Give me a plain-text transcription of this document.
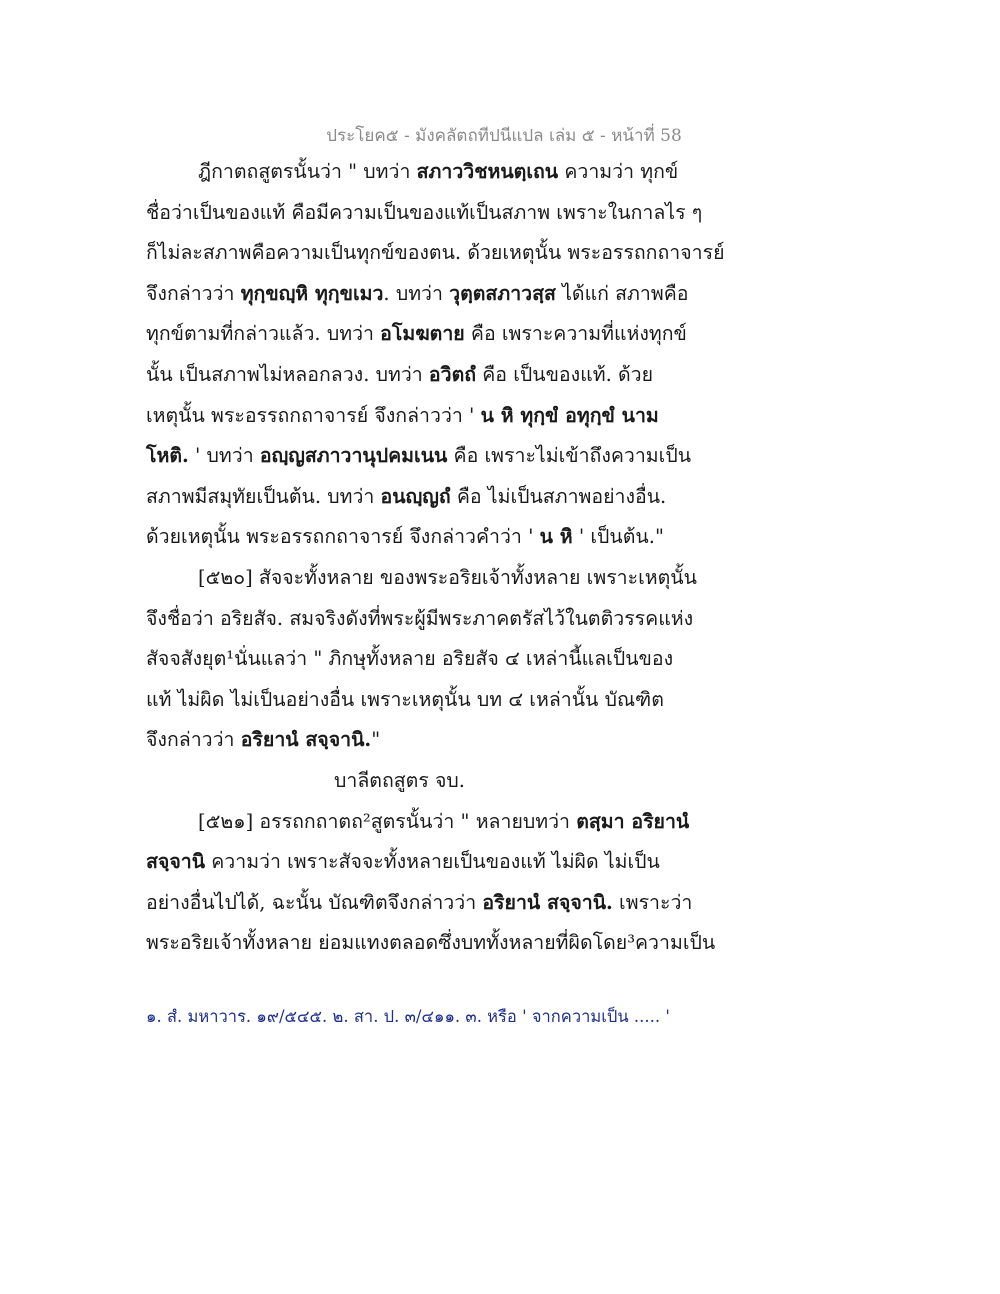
ประโยค๕ - มังคลัตถทีปนีแปล เล่ม ๕ - หน้าที่ 58
ฎีกาตถสูตรนั้นว่า " บทว่า สภาววิชหนตฺเถน ความว่า ทุกข์
ชื่อว่าเป็นของแท้ คือมีความเป็นของแท้เป็นสภาพ เพราะในกาลไร ๆ
ก็ไม่ละสภาพคือความเป็นทุกข์ของตน. ด้วยเหตุนั้น พระอรรถกถาจารย์
จึงกล่าวว่า ทุกฺขญฺหิ ทุกฺขเมว. บทว่า วุตฺตสภาวสฺส ได้แก่ สภาพคือ
ทุกข์ตามที่กล่าวแล้ว. บทว่า อโมฆตาย คือ เพราะความที่แห่งทุกข์
นั้น เป็นสภาพไม่หลอกลวง. บทว่า อวิตถํ คือ เป็นของแท้. ด้วย
เหตุนั้น พระอรรถกถาจารย์ จึงกล่าวว่า ' น หิ ทุกฺขํ อทุกฺขํ นาม
โหติ. ' บทว่า อญฺญสภาวานุปคมเนน คือ เพราะไม่เข้าถึงความเป็น
สภาพมีสมุทัยเป็นต้น. บทว่า อนญฺญถํ คือ ไม่เป็นสภาพอย่างอื่น.
ด้วยเหตุนั้น พระอรรถกถาจารย์ จึงกล่าวคำว่า ' น หิ ' เป็นต้น."
[๕๒๐] สัจจะทั้งหลาย ของพระอริยเจ้าทั้งหลาย เพราะเหตุนั้น
จึงชื่อว่า อริยสัจ. สมจริงดังที่พระผู้มีพระภาคตรัสไว้ในตติวรรคแห่ง
สัจจสังยุต¹นั่นแลว่า " ภิกษุทั้งหลาย อริยสัจ ๔ เหล่านี้แลเป็นของ
แท้ ไม่ผิด ไม่เป็นอย่างอื่น เพราะเหตุนั้น บท ๔ เหล่านั้น บัณฑิต
จึงกล่าวว่า อริยานํ สจฺจานิ."
บาลีตถสูตร จบ.
[๕๒๑] อรรถกถาตถ²สูตรนั้นว่า " หลายบทว่า ตสฺมา อริยานํ
สจฺจานิ ความว่า เพราะสัจจะทั้งหลายเป็นของแท้ ไม่ผิด ไม่เป็น
อย่างอื่นไปได้, ฉะนั้น บัณฑิตจึงกล่าวว่า อริยานํ สจฺจานิ. เพราะว่า
พระอริยเจ้าทั้งหลาย ย่อมแทงตลอดซึ่งบททั้งหลายที่ผิดโดย³ความเป็น
๑. สํ. มหาวาร. ๑๙/๕๔๕. ๒. สา. ป. ๓/๔๑๑. ๓. หรือ ' จากความเป็น ..... '
